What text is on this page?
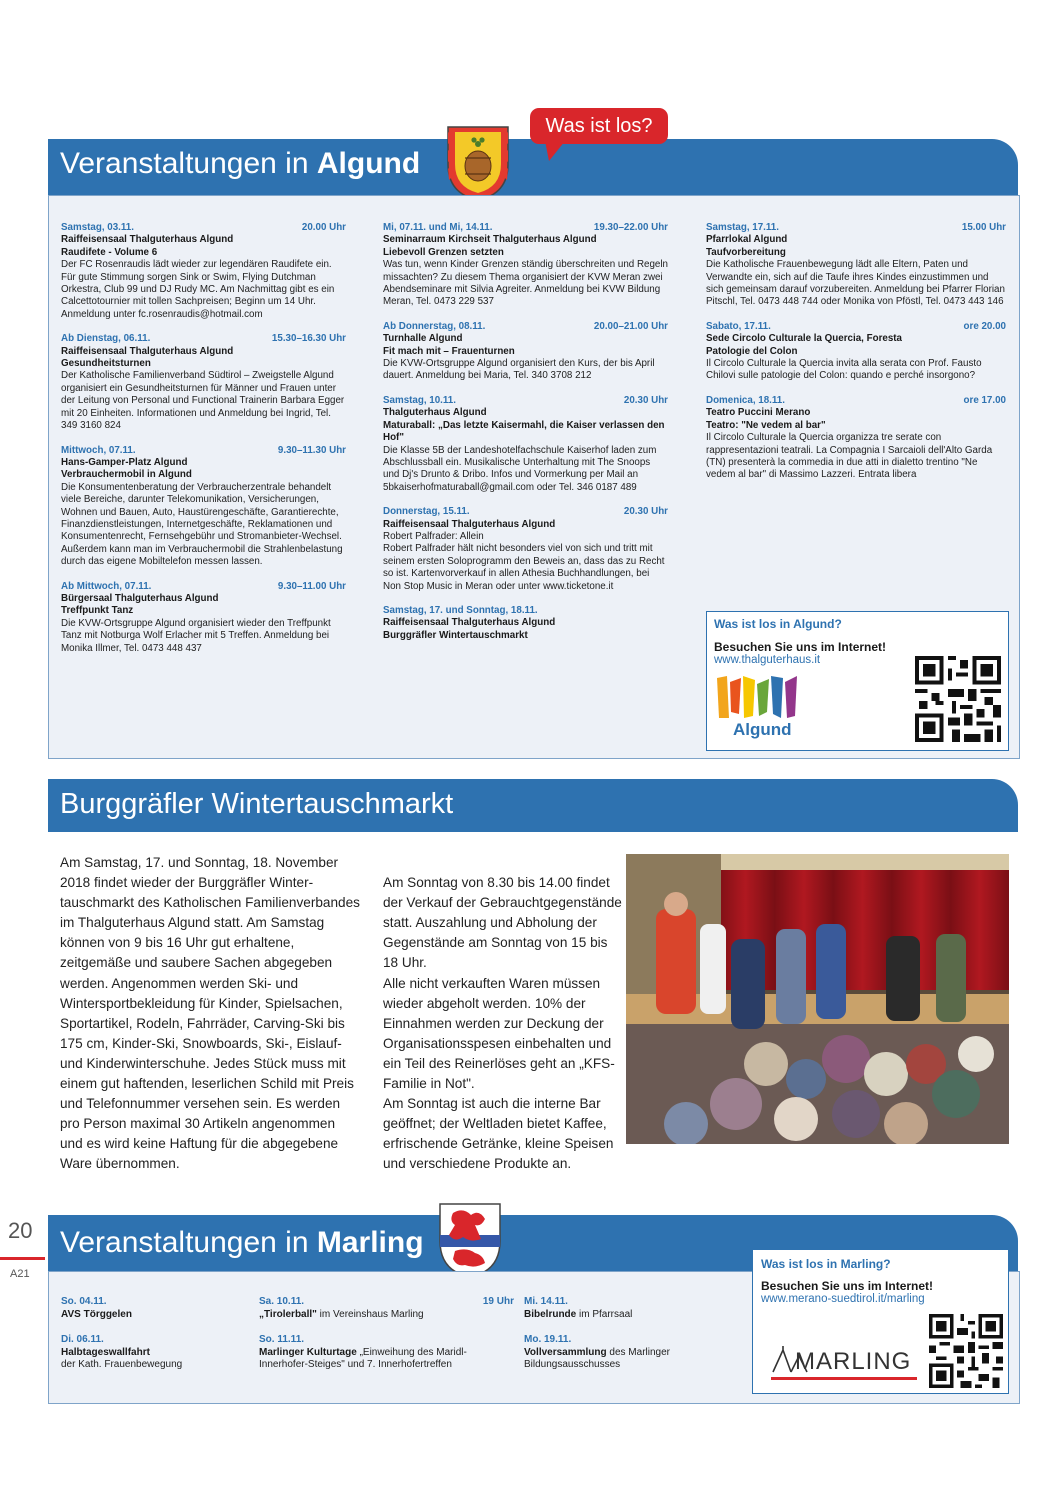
Veranstaltungen in Algund
Was ist los?
Samstag, 03.11.	20.00 Uhr
Raiffeisensaal Thalguterhaus Algund
Raudifete - Volume 6
Der FC Rosenraudis lädt wieder zur legendären Raudifete ein. Für gute Stimmung sorgen Sink or Swim, Flying Dutchman Orkestra, Club 99 und DJ Rudy MC. Am Nachmittag gibt es ein Calcettotournier mit tollen Sachpreisen; Beginn um 14 Uhr. Anmeldung unter fc.rosenraudis@hotmail.com
Ab Dienstag, 06.11.	15.30–16.30 Uhr
Raiffeisensaal Thalguterhaus Algund
Gesundheitsturnen
Der Katholische Familienverband Südtirol – Zweigstelle Algund organisiert ein Gesundheitsturnen für Männer und Frauen unter der Leitung von Personal und Functional Trainerin Barbara Egger mit 20 Einheiten. Informationen und Anmeldung bei Ingrid, Tel. 349 3160 824
Mittwoch, 07.11.	9.30–11.30 Uhr
Hans-Gamper-Platz Algund
Verbrauchermobil in Algund
Die Konsumentenberatung der Verbraucherzentrale behandelt viele Bereiche, darunter Telekomunikation, Versicherungen, Wohnen und Bauen, Auto, Haustürengeschäfte, Garantierechte, Finanzdienstleistungen, Internetgeschäfte, Reklamationen und Konsumentenrecht, Fernsehgebühr und Stromanbieter-Wechsel. Außerdem kann man im Verbrauchermobil die Strahlenbelastung durch das eigene Mobiltelefon messen lassen.
Ab Mittwoch, 07.11.	9.30–11.00 Uhr
Bürgersaal Thalguterhaus Algund
Treffpunkt Tanz
Die KVW-Ortsgruppe Algund organisiert wieder den Treffpunkt Tanz mit Notburga Wolf Erlacher mit 5 Treffen. Anmeldung bei Monika Illmer, Tel. 0473 448 437
Mi, 07.11. und Mi, 14.11.	19.30–22.00 Uhr
Seminarraum Kirchseit Thalguterhaus Algund
Liebevoll Grenzen setzten
Was tun, wenn Kinder Grenzen ständig überschreiten und Regeln missachten? Zu diesem Thema organisiert der KVW Meran zwei Abendseminare mit Silvia Agreiter. Anmeldung bei KVW Bildung Meran, Tel. 0473 229 537
Ab Donnerstag, 08.11.	20.00–21.00 Uhr
Turnhalle Algund
Fit mach mit – Frauenturnen
Die KVW-Ortsgruppe Algund organisiert den Kurs, der bis April dauert. Anmeldung bei Maria, Tel. 340 3708 212
Samstag, 10.11.	20.30 Uhr
Thalguterhaus Algund
Maturaball: „Das letzte Kaisermahl, die Kaiser verlassen den Hof"
Die Klasse 5B der Landeshotelfachschule Kaiserhof laden zum Abschlussball ein. Musikalische Unterhaltung mit The Snoops und Dj's Drunto & Dribo. Infos und Vormerkung per Mail an 5bkaiserhofmaturaball@gmail.com oder Tel. 346 0187 489
Donnerstag, 15.11.	20.30 Uhr
Raiffeisensaal Thalguterhaus Algund
Robert Palfrader: Allein
Robert Palfrader hält nicht besonders viel von sich und tritt mit seinem ersten Soloprogramm den Beweis an, dass das zu Recht so ist. Kartenvorverkauf in allen Athesia Buchhandlungen, bei Non Stop Music in Meran oder unter www.ticketone.it
Samstag, 17. und Sonntag, 18.11.
Raiffeisensaal Thalguterhaus Algund
Burggräfler Wintertauschmarkt
Samstag, 17.11.	15.00 Uhr
Pfarrlokal Algund
Taufvorbereitung
Die Katholische Frauenbewegung lädt alle Eltern, Paten und Verwandte ein, sich auf die Taufe ihres Kindes einzustimmen und sich gemeinsam darauf vorzubereiten. Anmeldung bei Pfarrer Florian Pitschl, Tel. 0473 448 744 oder Monika von Pföstl, Tel. 0473 443 146
Sabato, 17.11.	ore 20.00
Sede Circolo Culturale la Quercia, Foresta
Patologie del Colon
Il Circolo Culturale la Quercia invita alla serata con Prof. Fausto Chilovi sulle patologie del Colon: quando e perché insorgono?
Domenica, 18.11.	ore 17.00
Teatro Puccini Merano
Teatro: "Ne vedem al bar"
Il Circolo Culturale la Quercia organizza tre serate con rappresentazioni teatrali. La Compagnia I Sarcaioli dell'Alto Garda (TN) presenterà la commedia in due atti in dialetto trentino "Ne vedem al bar" di Massimo Lazzeri. Entrata libera
Was ist los in Algund?
Besuchen Sie uns im Internet!
www.thalguterhaus.it
Algund
Burggräfler Wintertauschmarkt

Am Samstag, 17. und Sonntag, 18. November 2018 findet wieder der Burggräfler Wintertauschmarkt des Katholischen Familienverbandes im Thalguterhaus Algund statt. Am Samstag können von 9 bis 16 Uhr gut erhaltene, zeitgemäße und saubere Sachen abgegeben werden. Angenommen werden Ski- und Wintersportbekleidung für Kinder, Spielsachen, Sportartikel, Rodeln, Fahrräder, Carving-Ski bis 175 cm, Kinder-Ski, Snowboards, Ski-, Eislauf- und Kinderwinterschuhe. Jedes Stück muss mit einem gut haftenden, leserlichen Schild mit Preis und Telefonnummer versehen sein. Es werden pro Person maximal 30 Artikeln angenommen und es wird keine Haftung für die abgegebene Ware übernommen.

Am Sonntag von 8.30 bis 14.00 findet der Verkauf der Gebrauchtgegenstände statt. Auszahlung und Abholung der Gegenstände am Sonntag von 15 bis 18 Uhr.
Alle nicht verkauften Waren müssen wieder abgeholt werden. 10% der Einnahmen werden zur Deckung der Organisationsspesen einbehalten und ein Teil des Reinerlöses geht an „KFS-Familie in Not".
Am Sonntag ist auch die interne Bar geöffnet; der Weltladen bietet Kaffee, erfrischende Getränke, kleine Speisen und verschiedene Produkte an.

20
A21
Veranstaltungen in Marling
So. 04.11.
AVS Törggelen
Di. 06.11.
Halbtageswallfahrt
der Kath. Frauenbewegung
Sa. 10.11.	19 Uhr
„Tirolerball" im Vereinshaus Marling
So. 11.11.
Marlinger Kulturtage „Einweihung des Maridl-Innerhofer-Steiges" und 7. Innerhofertreffen
Mi. 14.11.
Bibelrunde im Pfarrsaal
Mo. 19.11.
Vollversammlung des Marlinger Bildungsausschusses
Was ist los in Marling?
Besuchen Sie uns im Internet!
www.merano-suedtirol.it/marling
MARLING
